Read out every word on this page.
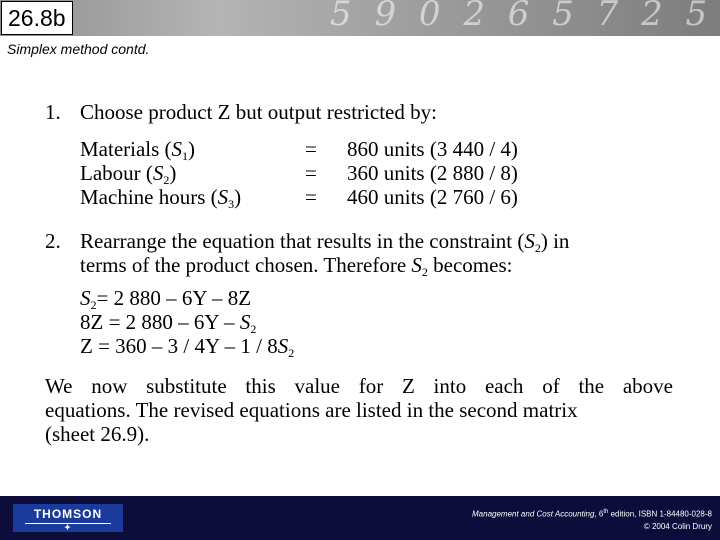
5 9 0 2 6 5 7 2 5
26.8b
Simplex method contd.
1. Choose product Z but output restricted by:
Materials $(S_1)$	= 860 units (3 440 / 4)
Labour $(S_2)$	= 360 units (2 880 / 8)
Machine hours $(S_3)$	= 460 units (2 760 / 6)
2. Rearrange the equation that results in the constraint $(S_2)$ in
terms of the product chosen. Therefore $S_2$ becomes:
$S_2= 2$ 880 – 6Y – 8Z
8Z = 2 $880 - 6Y - S_2$
$Z = 360 - 3 / 4Y - 1 / 8S_2$
We now substitute this value for Z into each of the above
equations. The revised equations are listed in the second matrix
(sheet 26.9).
THOMSON
✦
Management and Cost Accounting, 6th edition, ISBN 1-84480-028-8
© 2004 Colin Drury
